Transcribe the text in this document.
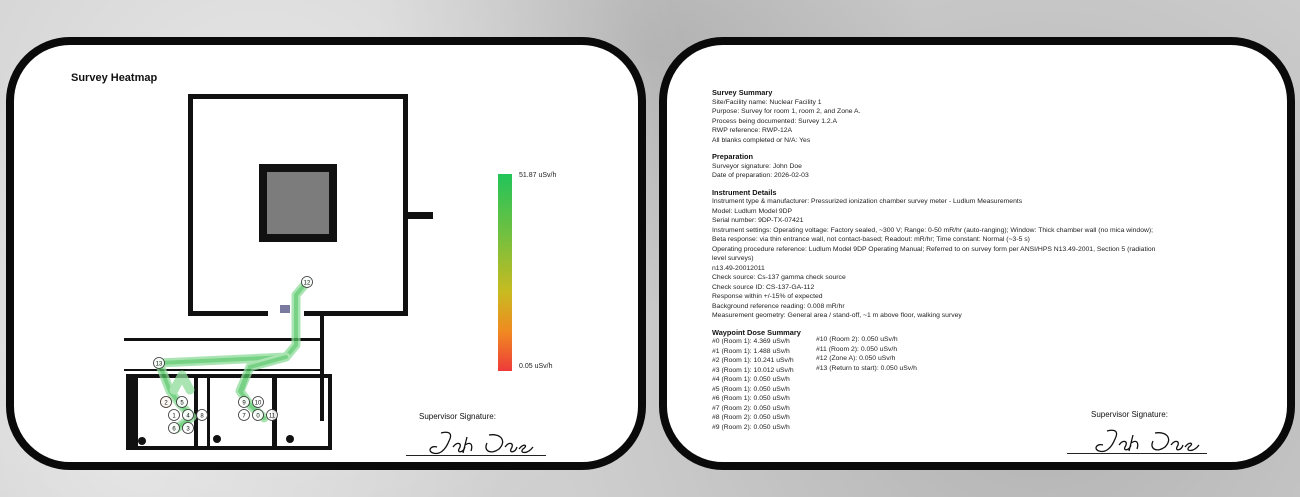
Survey Heatmap
12
13
2 5
1 4 8
6 3
9 10
7 0 11
51.87 uSv/h
0.05 uSv/h
Supervisor Signature:
Survey Summary
Site/Facility name: Nuclear Facility 1
Purpose: Survey for room 1, room 2, and Zone A.
Process being documented: Survey 1.2.A
RWP reference: RWP-12A
All blanks completed or N/A: Yes
Preparation
Surveyor signature: John Doe
Date of preparation: 2026-02-03
Instrument Details
Instrument type & manufacturer: Pressurized ionization chamber survey meter - Ludlum Measurements
Model: Ludlum Model 9DP
Serial number: 9DP-TX-07421
Instrument settings: Operating voltage: Factory sealed, ~300 V; Range: 0-50 mR/hr (auto-ranging); Window: Thick chamber wall (no mica window);
Beta response: via thin entrance wall, not contact-based; Readout: mR/hr; Time constant: Normal (~3-5 s)
Operating procedure reference: Ludlum Model 9DP Operating Manual; Referred to on survey form per ANSI/HPS N13.49-2001, Section 5 (radiation
level surveys)
n13.49-20012011
Check source: Cs-137 gamma check source
Check source ID: CS-137-GA-112
Response within +/-15% of expected
Background reference reading: 0.008 mR/hr
Measurement geometry: General area / stand-off, ~1 m above floor, walking survey
Waypoint Dose Summary
#0 (Room 1): 4.369 uSv/h
#1 (Room 1): 1.488 uSv/h
#2 (Room 1): 10.241 uSv/h
#3 (Room 1): 10.012 uSv/h
#4 (Room 1): 0.050 uSv/h
#5 (Room 1): 0.050 uSv/h
#6 (Room 1): 0.050 uSv/h
#7 (Room 2): 0.050 uSv/h
#8 (Room 2): 0.050 uSv/h
#9 (Room 2): 0.050 uSv/h
#10 (Room 2): 0.050 uSv/h
#11 (Room 2): 0.050 uSv/h
#12 (Zone A): 0.050 uSv/h
#13 (Return to start): 0.050 uSv/h
Supervisor Signature:
